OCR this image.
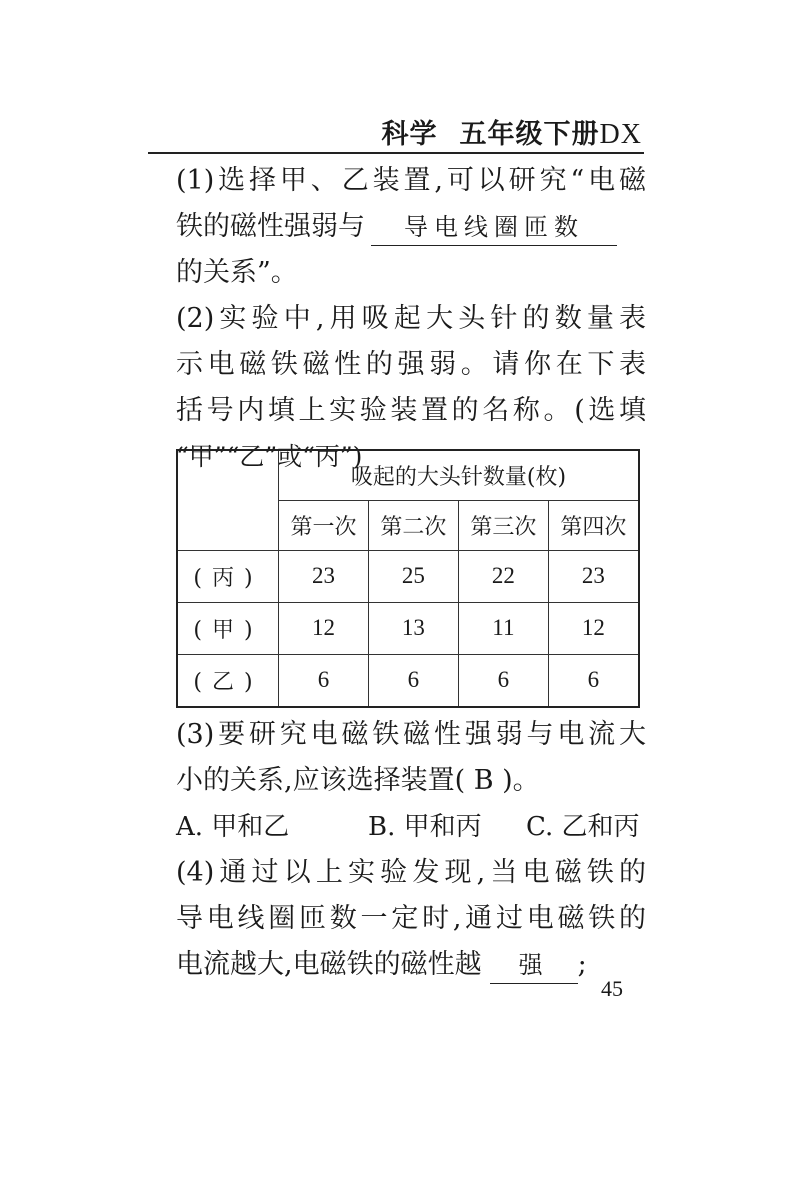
科学 五年级下册DX
(1)选择甲、乙装置,可以研究“电磁
铁的磁性强弱与 导电线圈匝数
的关系”。
(2)实验中,用吸起大头针的数量表
示电磁铁磁性的强弱。请你在下表
括号内填上实验装置的名称。(选填
“甲”“乙”或“丙”)
	吸起的大头针数量(枚)			
	第一次	第二次	第三次	第四次
(丙)	23	25	22	23
(甲)	12	13	11	12
(乙)	6	6	6	6
(3)要研究电磁铁磁性强弱与电流大
小的关系,应该选择装置( B )。
A. 甲和乙	B. 甲和丙 C. 乙和丙
(4)通过以上实验发现,当电磁铁的
导电线圈匝数一定时,通过电磁铁的
电流越大,电磁铁的磁性越 强 ;
45
